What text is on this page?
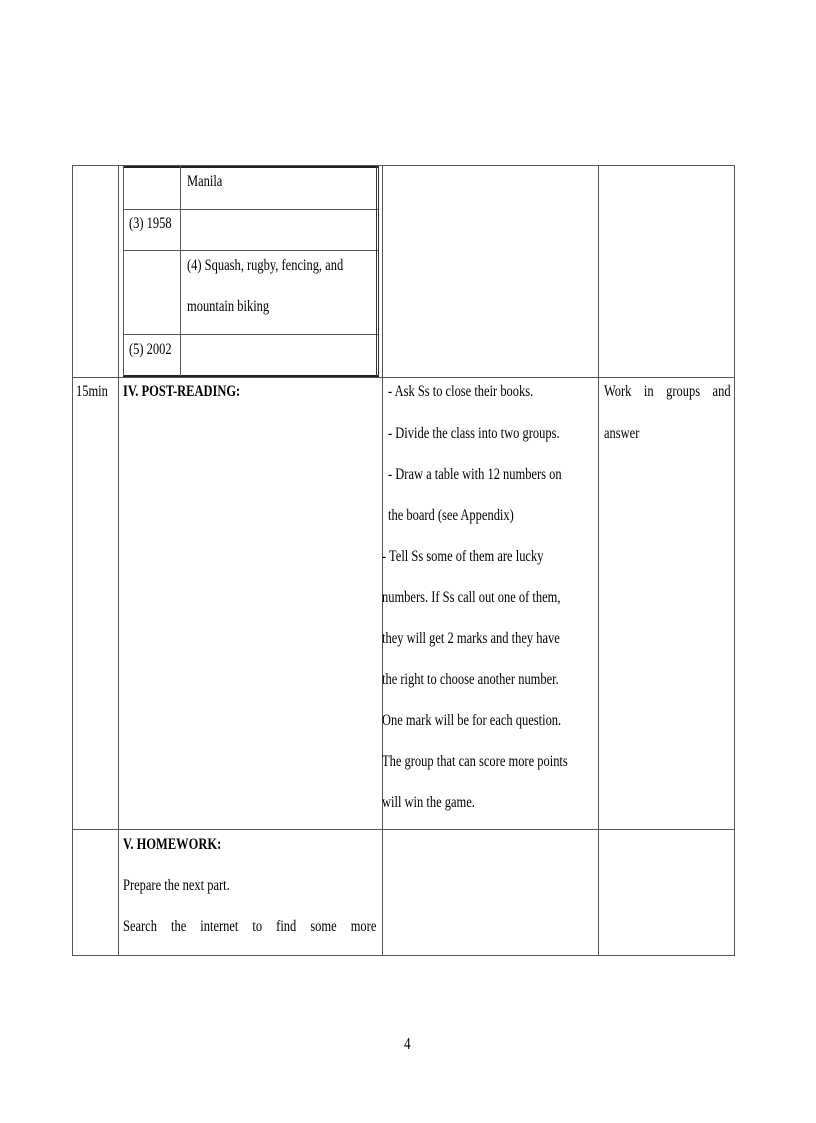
Manila
(3) 1958
(4) Squash, rugby, fencing, and
mountain biking
(5) 2002
15min IV. POST-READING:	- Ask Ss to close their books.
- Divide the class into two groups.
- Draw a table with 12 numbers on
the board (see Appendix)
- Tell Ss some of them are lucky
numbers. If Ss call out one of them,
they will get 2 marks and they have
the right to choose another number.
One mark will be for each question.
The group that can score more points
will win the game.
Work in groups and
answer
V. HOMEWORK:
Prepare the next part.
Search the internet to find some more
4
